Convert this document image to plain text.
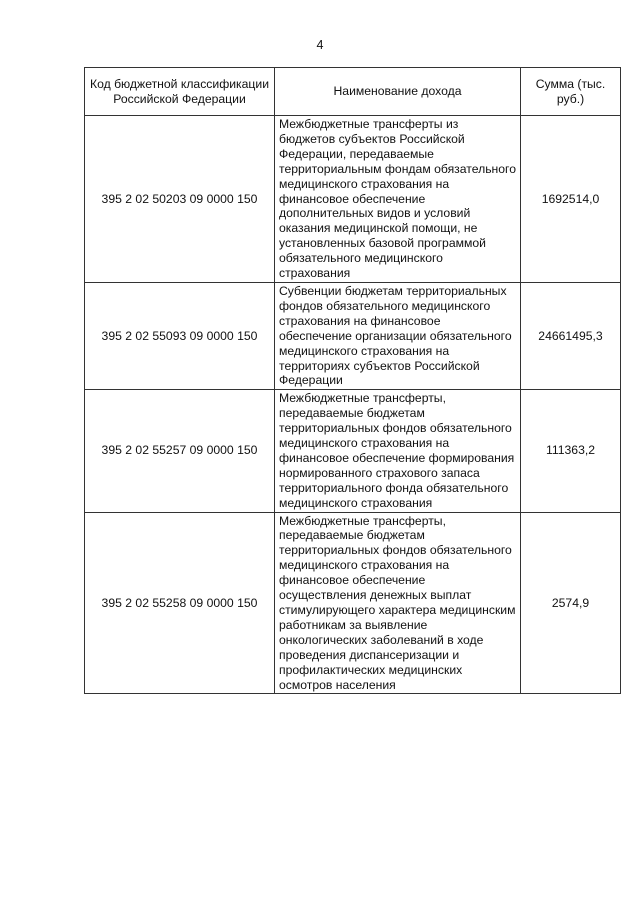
4
Код бюджетной классификации Российской Федерации	Наименование дохода	Сумма (тыс. руб.)
395 2 02 50203 09 0000 150	Межбюджетные трансферты из бюджетов субъектов Российской Федерации, передаваемые территориальным фондам обязательного медицинского страхования на финансовое обеспечение дополнительных видов и условий оказания медицинской помощи, не установленных базовой программой обязательного медицинского страхования	1692514,0
395 2 02 55093 09 0000 150	Субвенции бюджетам территориальных фондов обязательного медицинского страхования на финансовое обеспечение организации обязательного медицинского страхования на территориях субъектов Российской Федерации	24661495,3
395 2 02 55257 09 0000 150	Межбюджетные трансферты, передаваемые бюджетам территориальных фондов обязательного медицинского страхования на финансовое обеспечение формирования нормированного страхового запаса территориального фонда обязательного медицинского страхования	111363,2
395 2 02 55258 09 0000 150	Межбюджетные трансферты, передаваемые бюджетам территориальных фондов обязательного медицинского страхования на финансовое обеспечение осуществления денежных выплат стимулирующего характера медицинским работникам за выявление онкологических заболеваний в ходе проведения диспансеризации и профилактических медицинских осмотров населения	2574,9
